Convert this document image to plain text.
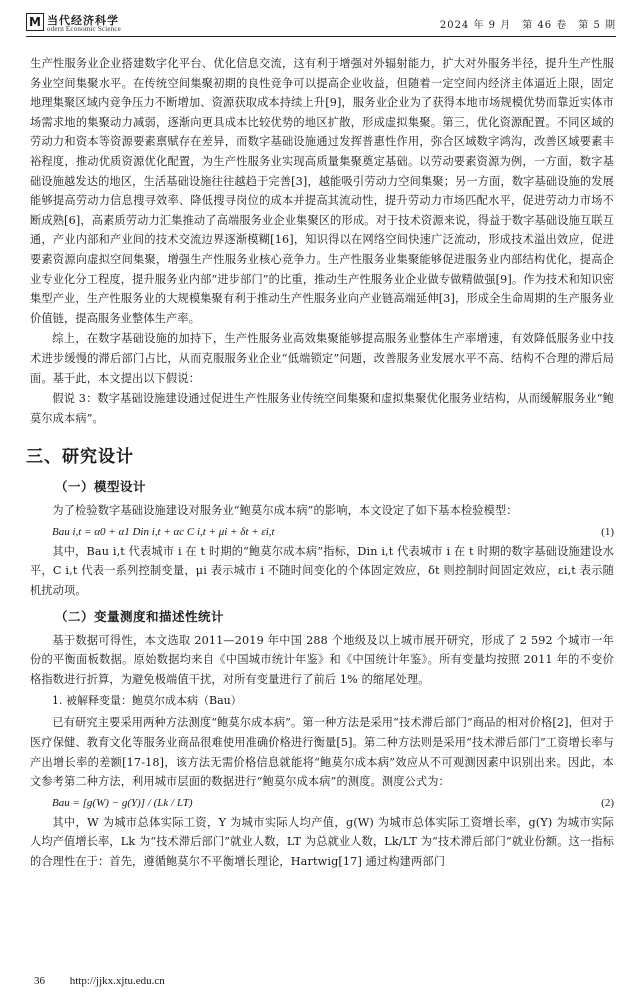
M 当代经济科学
odern Economic Science	2024 年 9 月　第 46 卷　第 5 期

生产性服务业企业搭建数字化平台、优化信息交流，这有利于增强对外辐射能力，扩大对外服务半径，提升生产性服务业空间集聚水平。在传统空间集聚初期的良性竞争可以提高企业收益，但随着一定空间内经济主体逼近上限，固定地理集聚区域内竞争压力不断增加、资源获取成本持续上升[9]，服务业企业为了获得本地市场规模优势而靠近实体市场需求地的集聚动力减弱，逐渐向更具成本比较优势的地区扩散，形成虚拟集聚。第三，优化资源配置。不同区域的劳动力和资本等资源要素禀赋存在差异，而数字基础设施通过发挥普惠性作用，弥合区域数字鸿沟，改善区域要素丰裕程度，推动优质资源优化配置，为生产性服务业实现高质量集聚奠定基础。以劳动要素资源为例，一方面，数字基础设施越发达的地区，生活基础设施往往越趋于完善[3]，越能吸引劳动力空间集聚；另一方面，数字基础设施的发展能够提高劳动力信息搜寻效率、降低搜寻岗位的成本并提高其流动性，提升劳动力市场匹配水平，促进劳动力市场不断成熟[6]，高素质劳动力汇集推动了高端服务业企业集聚区的形成。对于技术资源来说，得益于数字基础设施互联互通，产业内部和产业间的技术交流边界逐渐模糊[16]，知识得以在网络空间快速广泛流动，形成技术溢出效应，促进要素资源向虚拟空间集聚，增强生产性服务业核心竞争力。生产性服务业集聚能够促进服务业内部结构优化，提高企业专业化分工程度，提升服务业内部“进步部门”的比重，推动生产性服务业企业做专做精做强[9]。作为技术和知识密集型产业，生产性服务业的大规模集聚有利于推动生产性服务业向产业链高端延伸[3]，形成全生命周期的生产服务业价值链，提高服务业整体生产率。

综上，在数字基础设施的加持下，生产性服务业高效集聚能够提高服务业整体生产率增速，有效降低服务业中技术进步缓慢的滞后部门占比，从而克服服务业企业“低端锁定”问题，改善服务业发展水平不高、结构不合理的滞后局面。基于此，本文提出以下假说：

假说 3：数字基础设施建设通过促进生产性服务业传统空间集聚和虚拟集聚优化服务业结构，从而缓解服务业“鲍莫尔成本病”。

三、研究设计
（一）模型设计

为了检验数字基础设施建设对服务业“鲍莫尔成本病”的影响，本文设定了如下基本检验模型：

Bau i,t = α0 + α1 Din i,t + αc C i,t + μi + δt + εi,t	(1)

其中，Bau i,t 代表城市 i 在 t 时期的“鲍莫尔成本病”指标，Din i,t 代表城市 i 在 t 时期的数字基础设施建设水平，C i,t 代表一系列控制变量，μi 表示城市 i 不随时间变化的个体固定效应，δt 则控制时间固定效应，εi,t 表示随机扰动项。

（二）变量测度和描述性统计

基于数据可得性，本文选取 2011—2019 年中国 288 个地级及以上城市展开研究，形成了 2 592 个城市一年份的平衡面板数据。原始数据均来自《中国城市统计年鉴》和《中国统计年鉴》。所有变量均按照 2011 年的不变价格指数进行折算，为避免极端值干扰，对所有变量进行了前后 1% 的缩尾处理。

1. 被解释变量：鲍莫尔成本病（Bau）

已有研究主要采用两种方法测度“鲍莫尔成本病”。第一种方法是采用“技术滞后部门”商品的相对价格[2]，但对于医疗保健、教育文化等服务业商品很难使用准确价格进行衡量[5]。第二种方法则是采用“技术滞后部门”工资增长率与产出增长率的差额[17-18]，该方法无需价格信息就能将“鲍莫尔成本病”效应从不可观测因素中识别出来。因此，本文参考第二种方法，利用城市层面的数据进行“鲍莫尔成本病”的测度。测度公式为：

Bau = [g(W) − g(Y)] / (Lk / LT)	(2)

其中，W 为城市总体实际工资，Y 为城市实际人均产值，g(W) 为城市总体实际工资增长率，g(Y) 为城市实际人均产值增长率，Lk 为“技术滞后部门”就业人数，LT 为总就业人数，Lk/LT 为“技术滞后部门”就业份额。这一指标的合理性在于：首先，遵循鲍莫尔不平衡增长理论，Hartwig[17] 通过构建两部门

36 http://jjkx.xjtu.edu.cn
